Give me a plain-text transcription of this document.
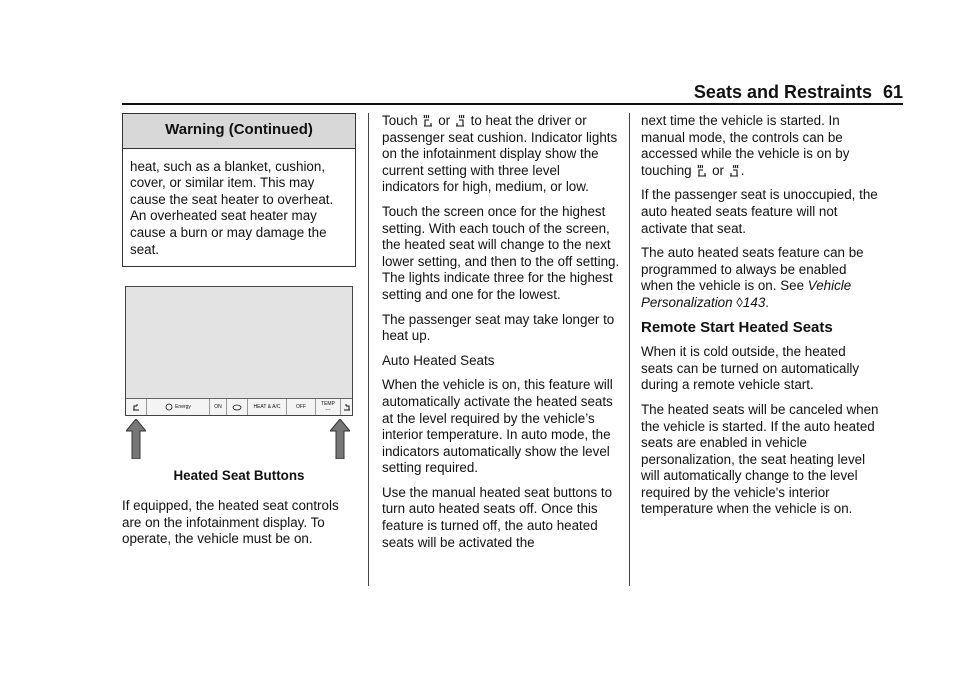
Seats and Restraints 61
Warning (Continued)
heat, such as a blanket, cushion, cover, or similar item. This may cause the seat heater to overheat. An overheated seat heater may cause a burn or may damage the seat.
Energy	ON	HEAT & A/C	OFF	TEMP
---
Heated Seat Buttons

If equipped, the heated seat controls are on the infotainment display. To operate, the vehicle must be on.

Touch or to heat the driver or passenger seat cushion. Indicator lights on the infotainment display show the current setting with three level indicators for high, medium, or low.

Touch the screen once for the highest setting. With each touch of the screen, the heated seat will change to the next lower setting, and then to the off setting. The lights indicate three for the highest setting and one for the lowest.

The passenger seat may take longer to heat up.

Auto Heated Seats

When the vehicle is on, this feature will automatically activate the heated seats at the level required by the vehicle’s interior temperature. In auto mode, the indicators automatically show the level setting required.

Use the manual heated seat buttons to turn auto heated seats off. Once this feature is turned off, the auto heated seats will be activated the

next time the vehicle is started. In manual mode, the controls can be accessed while the vehicle is on by touching or .

If the passenger seat is unoccupied, the auto heated seats feature will not activate that seat.

The auto heated seats feature can be programmed to always be enabled when the vehicle is on. See Vehicle Personalization ◊143.

Remote Start Heated Seats

When it is cold outside, the heated seats can be turned on automatically during a remote vehicle start.

The heated seats will be canceled when the vehicle is started. If the auto heated seats are enabled in vehicle personalization, the seat heating level will automatically change to the level required by the vehicle's interior temperature when the vehicle is on.
